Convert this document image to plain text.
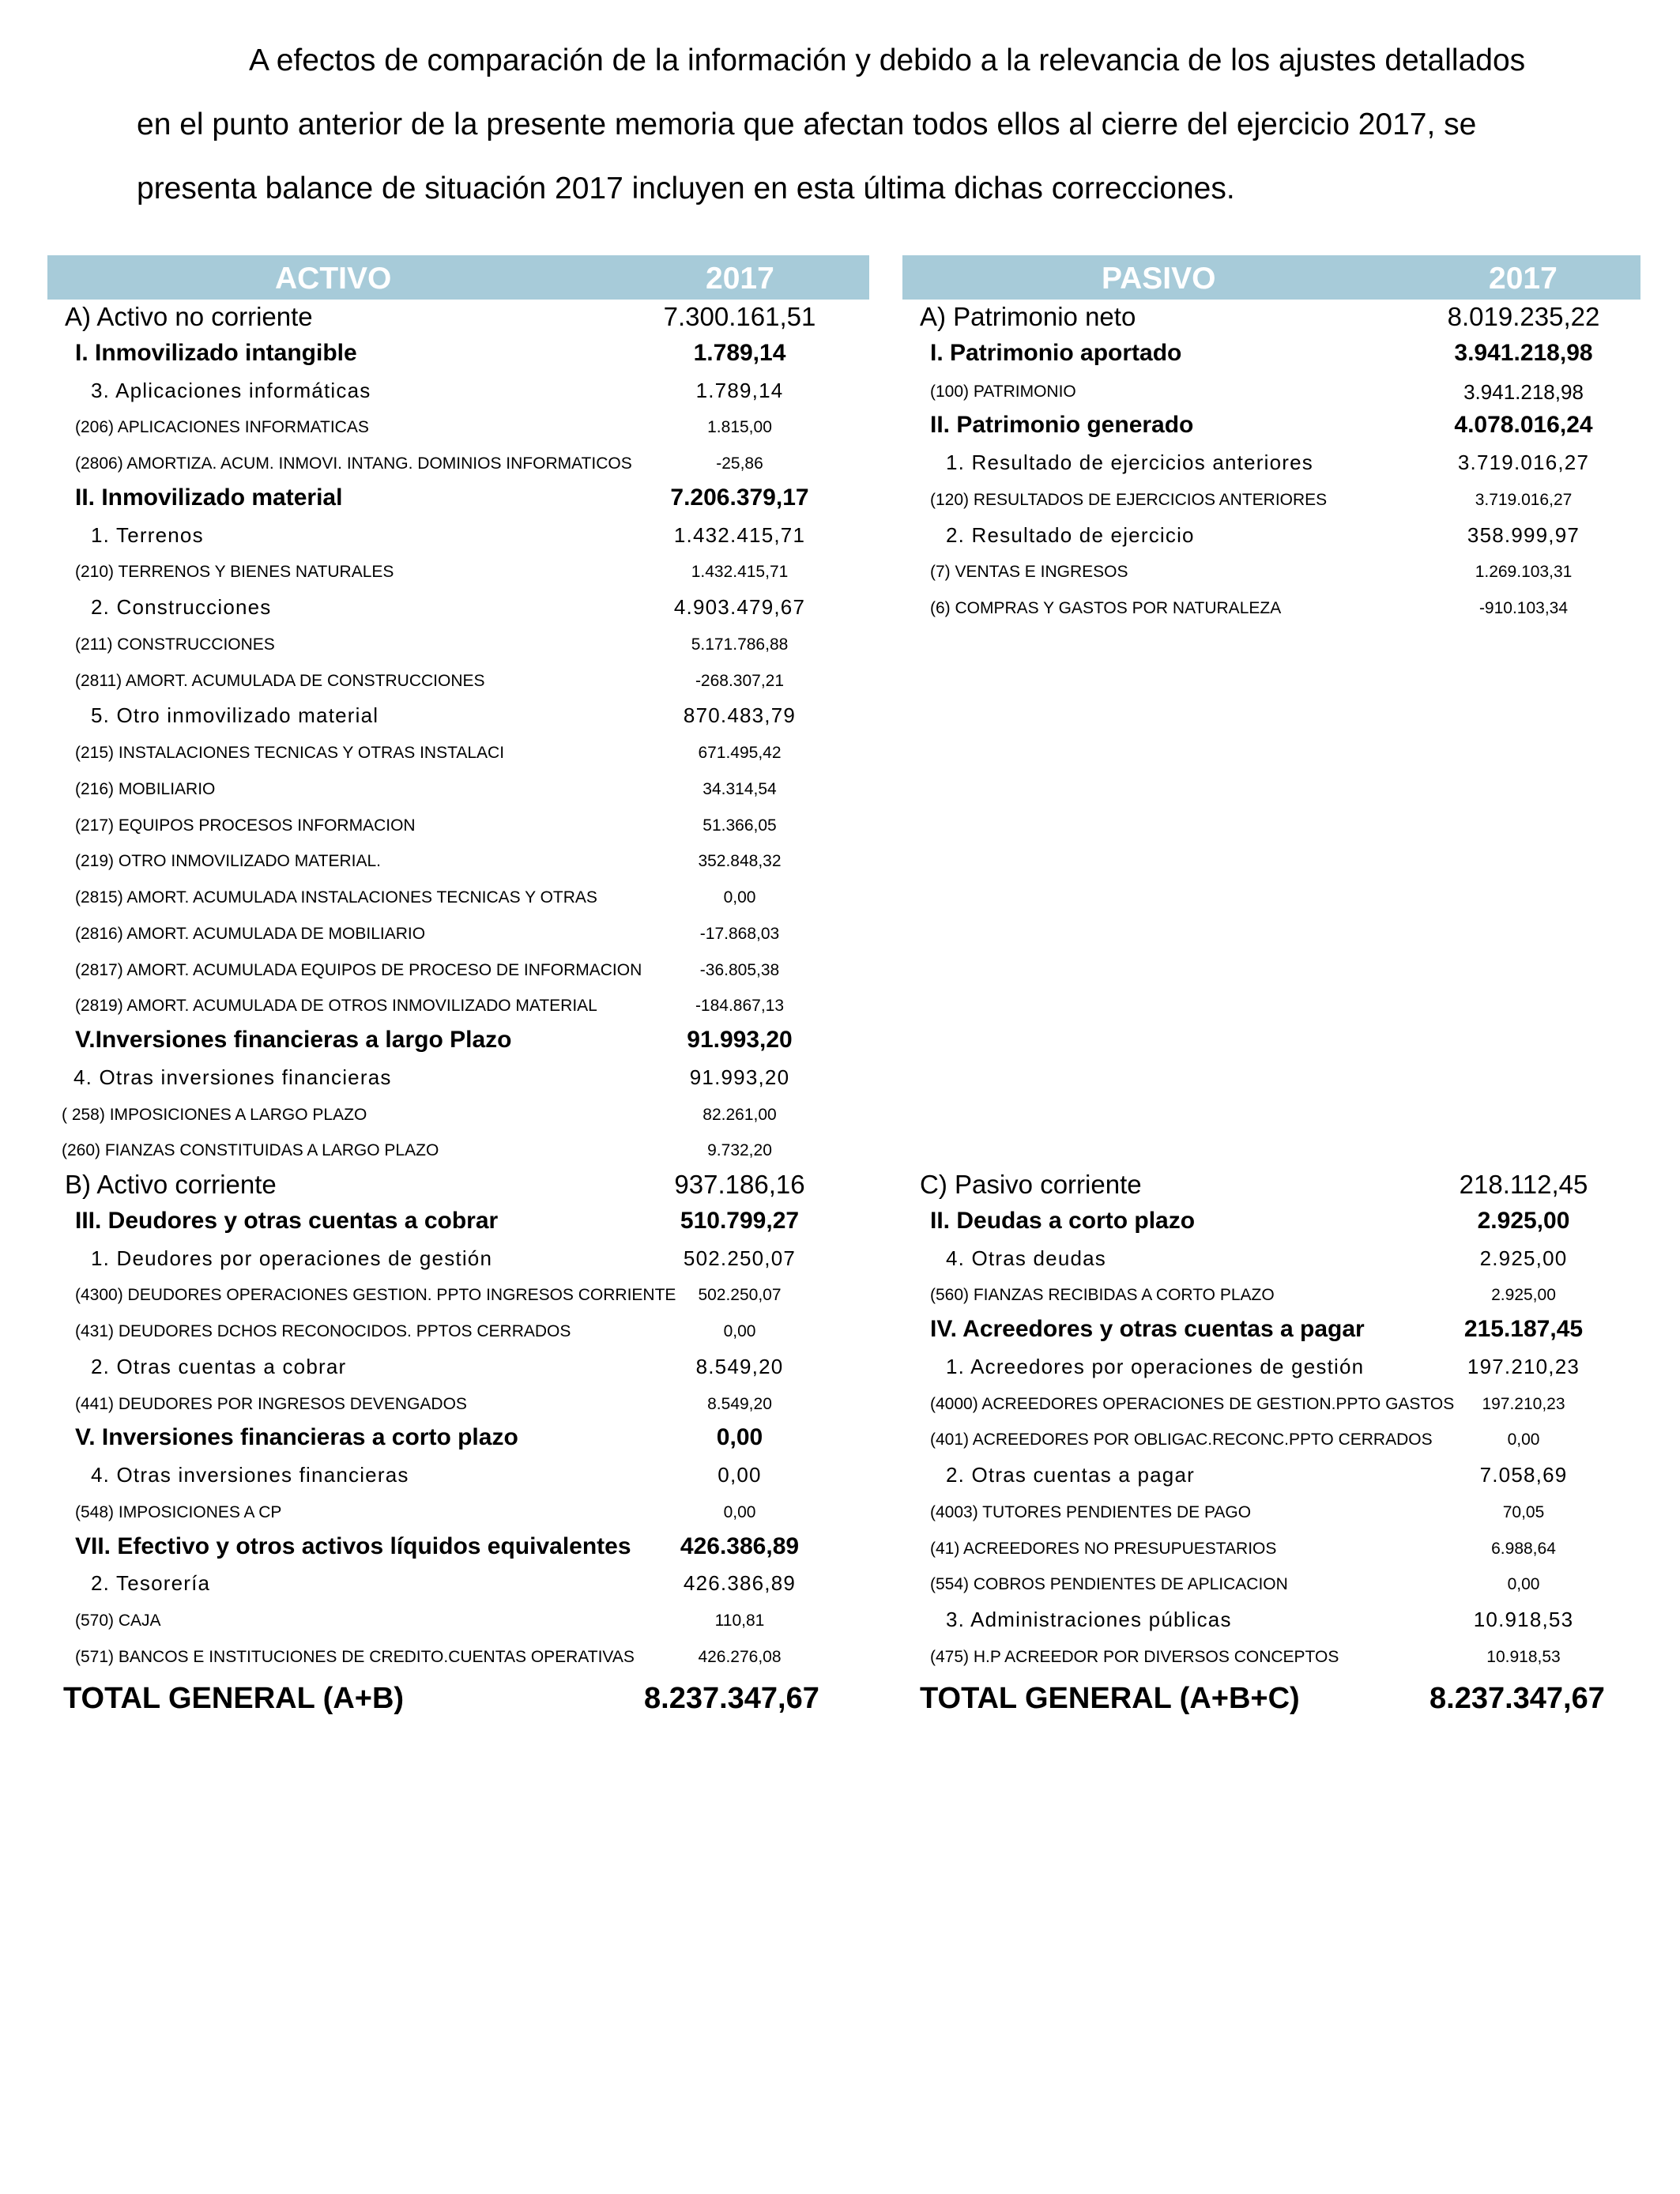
A efectos de comparación de la información y debido a la relevancia de los ajustes detallados
en el punto anterior de la presente memoria que afectan todos ellos al cierre del ejercicio 2017, se
presenta balance de situación 2017 incluyen en esta última dichas correcciones.
ACTIVO	2017
A) Activo no corriente	7.300.161,51
I. Inmovilizado intangible	1.789,14
3. Aplicaciones informáticas	1.789,14
(206) APLICACIONES INFORMATICAS	1.815,00
(2806) AMORTIZA. ACUM. INMOVI. INTANG. DOMINIOS INFORMATICOS	-25,86
II. Inmovilizado material	7.206.379,17
1. Terrenos	1.432.415,71
(210) TERRENOS Y BIENES NATURALES	1.432.415,71
2. Construcciones	4.903.479,67
(211) CONSTRUCCIONES	5.171.786,88
(2811) AMORT. ACUMULADA DE CONSTRUCCIONES	-268.307,21
5. Otro inmovilizado material	870.483,79
(215) INSTALACIONES TECNICAS Y OTRAS INSTALACI	671.495,42
(216) MOBILIARIO	34.314,54
(217) EQUIPOS PROCESOS INFORMACION	51.366,05
(219) OTRO INMOVILIZADO MATERIAL.	352.848,32
(2815) AMORT. ACUMULADA INSTALACIONES TECNICAS Y OTRAS	0,00
(2816) AMORT. ACUMULADA DE MOBILIARIO	-17.868,03
(2817) AMORT. ACUMULADA EQUIPOS DE PROCESO DE INFORMACION	-36.805,38
(2819) AMORT. ACUMULADA DE OTROS INMOVILIZADO MATERIAL	-184.867,13
V.Inversiones financieras a largo Plazo	91.993,20
4. Otras inversiones financieras	91.993,20
( 258) IMPOSICIONES A LARGO PLAZO	82.261,00
(260) FIANZAS CONSTITUIDAS A LARGO PLAZO	9.732,20
B) Activo corriente	937.186,16
III. Deudores y otras cuentas a cobrar	510.799,27
1. Deudores por operaciones de gestión	502.250,07
(4300) DEUDORES OPERACIONES GESTION. PPTO INGRESOS CORRIENTE	502.250,07
(431) DEUDORES DCHOS RECONOCIDOS. PPTOS CERRADOS	0,00
2. Otras cuentas a cobrar	8.549,20
(441) DEUDORES POR INGRESOS DEVENGADOS	8.549,20
V. Inversiones financieras a corto plazo	0,00
4. Otras inversiones financieras	0,00
(548) IMPOSICIONES A CP	0,00
VII. Efectivo y otros activos líquidos equivalentes	426.386,89
2. Tesorería	426.386,89
(570) CAJA	110,81
(571) BANCOS E INSTITUCIONES DE CREDITO.CUENTAS OPERATIVAS	426.276,08
TOTAL GENERAL (A+B)	8.237.347,67
PASIVO	2017
A) Patrimonio neto	8.019.235,22
I. Patrimonio aportado	3.941.218,98
(100) PATRIMONIO	3.941.218,98
II. Patrimonio generado	4.078.016,24
1. Resultado de ejercicios anteriores	3.719.016,27
(120) RESULTADOS DE EJERCICIOS ANTERIORES	3.719.016,27
2. Resultado de ejercicio	358.999,97
(7) VENTAS E INGRESOS	1.269.103,31
(6) COMPRAS Y GASTOS POR NATURALEZA	-910.103,34
C) Pasivo corriente	218.112,45
II. Deudas a corto plazo	2.925,00
4. Otras deudas	2.925,00
(560) FIANZAS RECIBIDAS A CORTO PLAZO	2.925,00
IV. Acreedores y otras cuentas a pagar	215.187,45
1. Acreedores por operaciones de gestión	197.210,23
(4000) ACREEDORES OPERACIONES DE GESTION.PPTO GASTOS	197.210,23
(401) ACREEDORES POR OBLIGAC.RECONC.PPTO CERRADOS	0,00
2. Otras cuentas a pagar	7.058,69
(4003) TUTORES PENDIENTES DE PAGO	70,05
(41) ACREEDORES NO PRESUPUESTARIOS	6.988,64
(554) COBROS PENDIENTES DE APLICACION	0,00
3. Administraciones públicas	10.918,53
(475) H.P ACREEDOR POR DIVERSOS CONCEPTOS	10.918,53
TOTAL GENERAL (A+B+C)	8.237.347,67
